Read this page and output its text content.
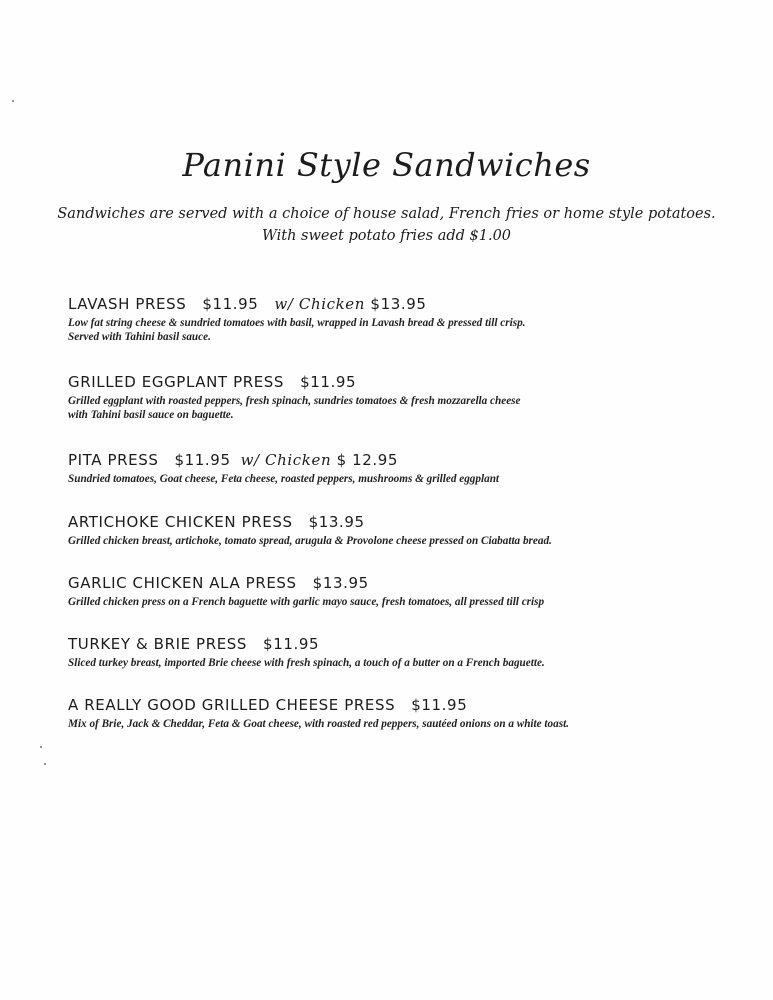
Panini Style Sandwiches
Sandwiches are served with a choice of house salad, French fries or home style potatoes.
With sweet potato fries add $1.00
LAVASH PRESS $11.95 w/ Chicken $13.95
Low fat string cheese & sundried tomatoes with basil, wrapped in Lavash bread & pressed till crisp.
Served with Tahini basil sauce.
GRILLED EGGPLANT PRESS $11.95
Grilled eggplant with roasted peppers, fresh spinach, sundries tomatoes & fresh mozzarella cheese
with Tahini basil sauce on baguette.
PITA PRESS $11.95 w/ Chicken $ 12.95
Sundried tomatoes, Goat cheese, Feta cheese, roasted peppers, mushrooms & grilled eggplant
ARTICHOKE CHICKEN PRESS $13.95
Grilled chicken breast, artichoke, tomato spread, arugula & Provolone cheese pressed on Ciabatta bread.
GARLIC CHICKEN ALA PRESS $13.95
Grilled chicken press on a French baguette with garlic mayo sauce, fresh tomatoes, all pressed till crisp
TURKEY & BRIE PRESS $11.95
Sliced turkey breast, imported Brie cheese with fresh spinach, a touch of a butter on a French baguette.
A REALLY GOOD GRILLED CHEESE PRESS $11.95
Mix of Brie, Jack & Cheddar, Feta & Goat cheese, with roasted red peppers, sautéed onions on a white toast.
